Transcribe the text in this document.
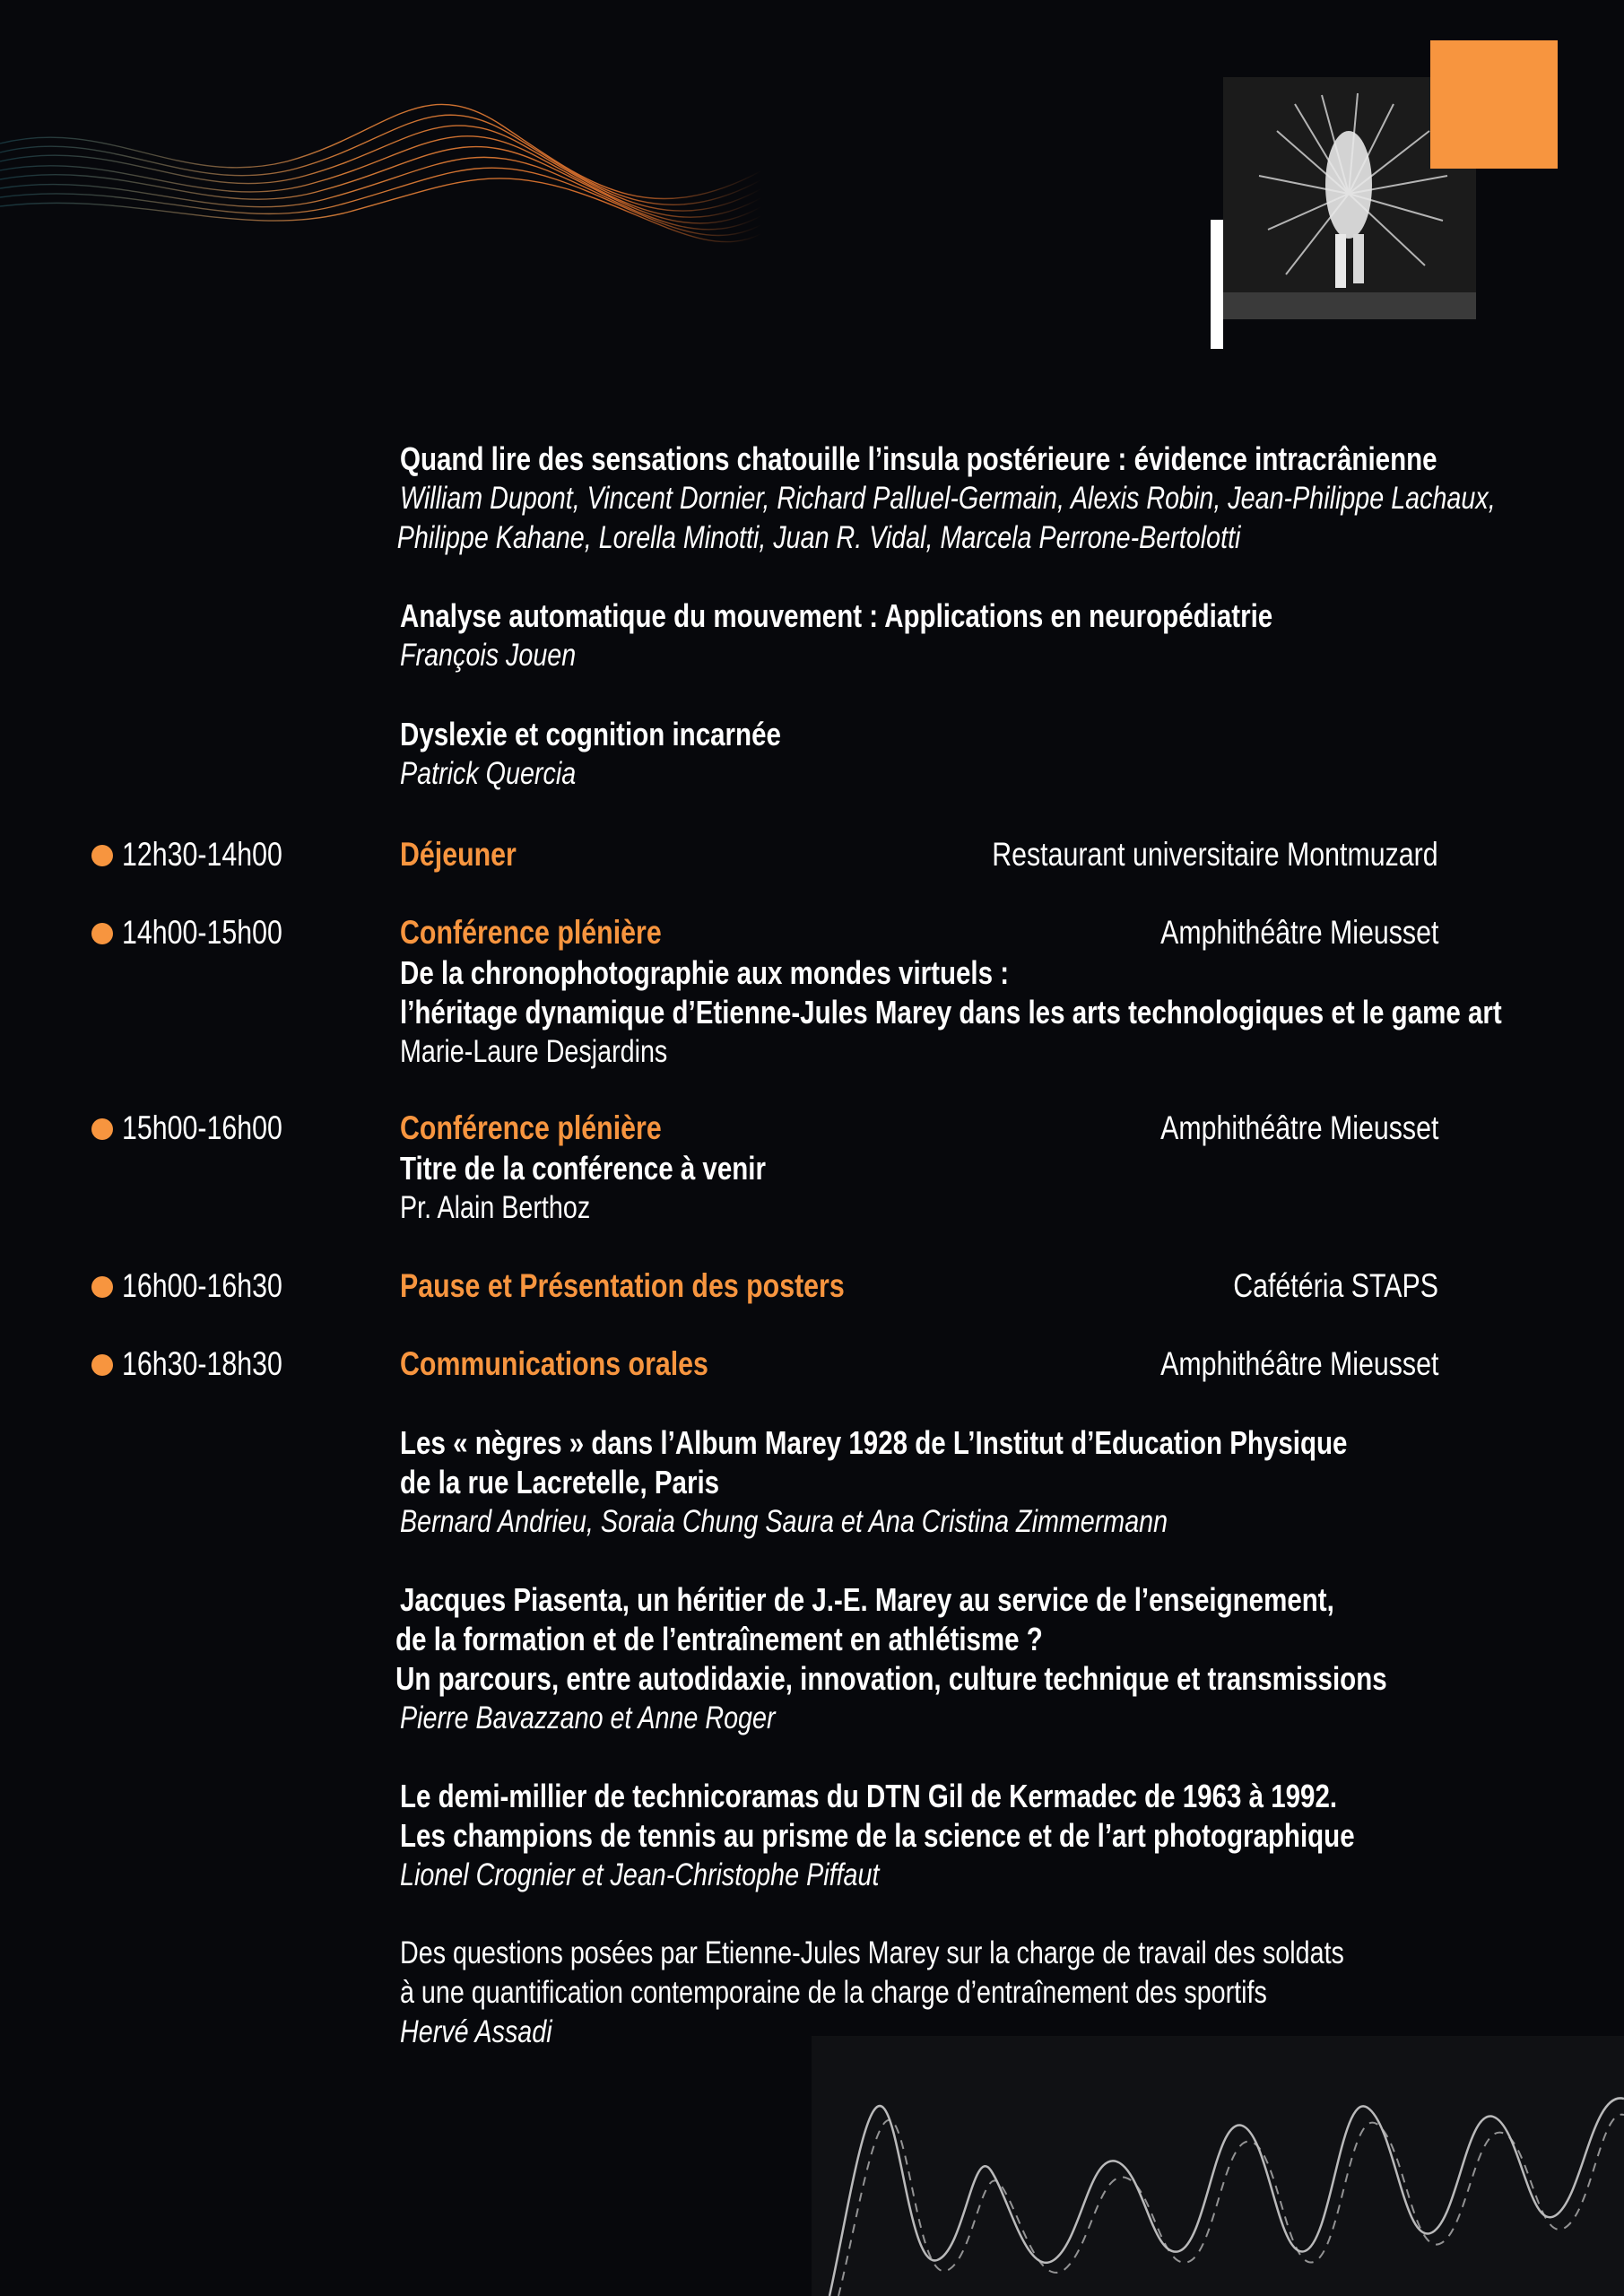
Quand lire des sensations chatouille l’insula postérieure : évidence intracrânienne
William Dupont, Vincent Dornier, Richard Palluel-Germain, Alexis Robin, Jean-Philippe Lachaux,
Philippe Kahane, Lorella Minotti, Juan R. Vidal, Marcela Perrone-Bertolotti
Analyse automatique du mouvement : Applications en neuropédiatrie
François Jouen
Dyslexie et cognition incarnée
Patrick Quercia
12h30-14h00	Déjeuner	Restaurant universitaire Montmuzard
14h00-15h00	Conférence plénière	Amphithéâtre Mieusset
De la chronophotographie aux mondes virtuels :
l’héritage dynamique d’Etienne-Jules Marey dans les arts technologiques et le game art
Marie-Laure Desjardins
15h00-16h00	Conférence plénière	Amphithéâtre Mieusset
Titre de la conférence à venir
Pr. Alain Berthoz
16h00-16h30	Pause et Présentation des posters	Cafétéria STAPS
16h30-18h30	Communications orales	Amphithéâtre Mieusset
Les « nègres » dans l’Album Marey 1928 de L’Institut d’Education Physique
de la rue Lacretelle, Paris
Bernard Andrieu, Soraia Chung Saura et Ana Cristina Zimmermann
Jacques Piasenta, un héritier de J.-E. Marey au service de l’enseignement,
de la formation et de l’entraînement en athlétisme ?
Un parcours, entre autodidaxie, innovation, culture technique et transmissions
Pierre Bavazzano et Anne Roger
Le demi-millier de technicoramas du DTN Gil de Kermadec de 1963 à 1992.
Les champions de tennis au prisme de la science et de l’art photographique
Lionel Crognier et Jean-Christophe Piffaut
Des questions posées par Etienne-Jules Marey sur la charge de travail des soldats
à une quantification contemporaine de la charge d’entraînement des sportifs
Hervé Assadi
